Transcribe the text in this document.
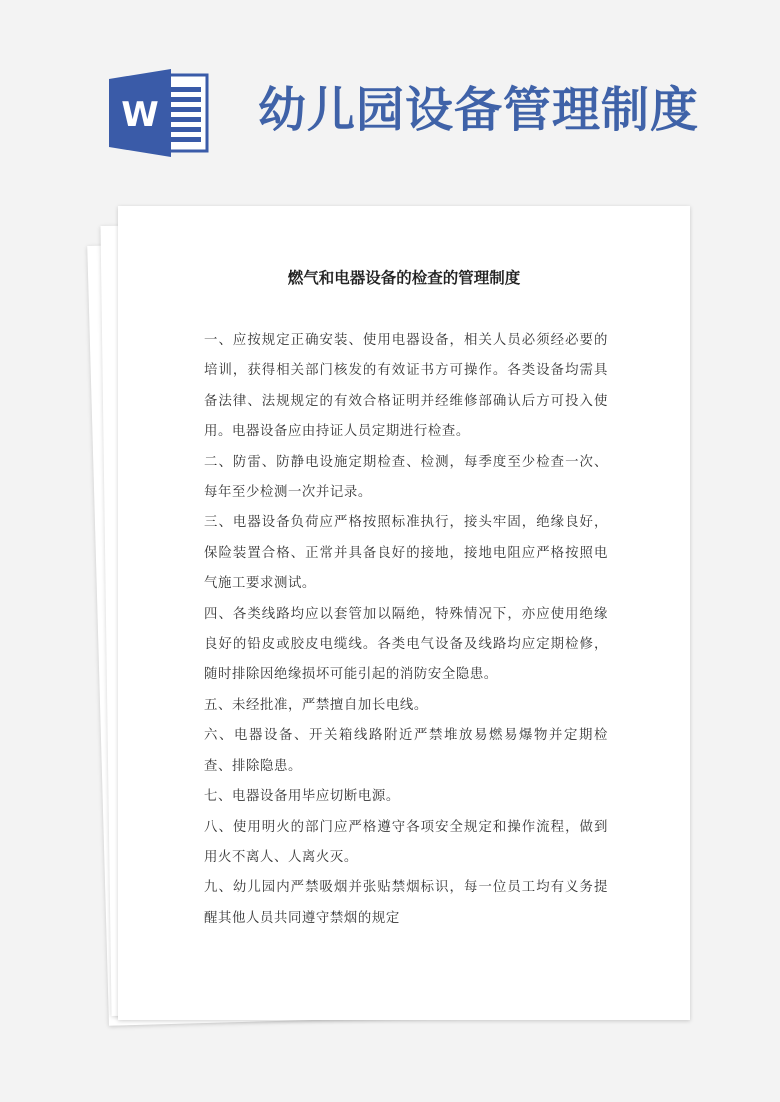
W 幼儿园设备管理制度
燃气和电器设备的检查的管理制度

一、应按规定正确安装、使用电器设备，相关人员必须经必要的培训，获得相关部门核发的有效证书方可操作。各类设备均需具备法律、法规规定的有效合格证明并经维修部确认后方可投入使用。电器设备应由持证人员定期进行检查。

二、防雷、防静电设施定期检查、检测，每季度至少检查一次、每年至少检测一次并记录。

三、电器设备负荷应严格按照标准执行，接头牢固，绝缘良好，保险装置合格、正常并具备良好的接地，接地电阻应严格按照电气施工要求测试。

四、各类线路均应以套管加以隔绝，特殊情况下，亦应使用绝缘良好的铅皮或胶皮电缆线。各类电气设备及线路均应定期检修，随时排除因绝缘损坏可能引起的消防安全隐患。

五、未经批准，严禁擅自加长电线。

六、电器设备、开关箱线路附近严禁堆放易燃易爆物并定期检查、排除隐患。

七、电器设备用毕应切断电源。

八、使用明火的部门应严格遵守各项安全规定和操作流程，做到用火不离人、人离火灭。

九、幼儿园内严禁吸烟并张贴禁烟标识，每一位员工均有义务提醒其他人员共同遵守禁烟的规定
